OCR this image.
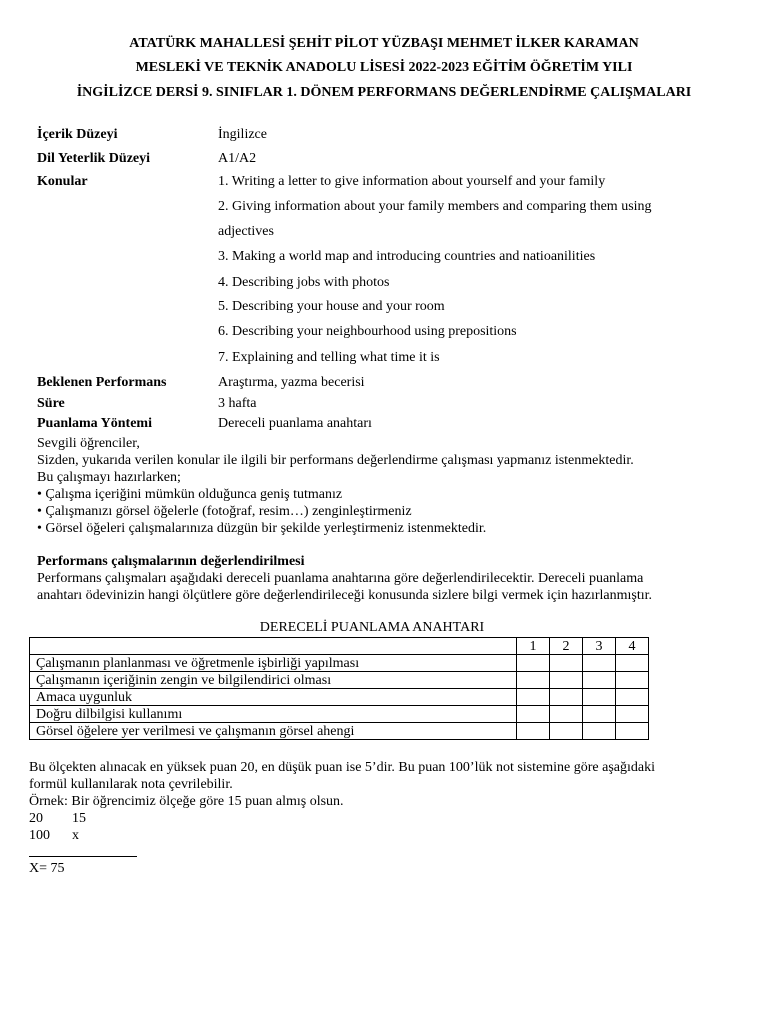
ATATÜRK MAHALLESİ ŞEHİT PİLOT YÜZBAŞI MEHMET İLKER KARAMAN
MESLEKİ VE TEKNİK ANADOLU LİSESİ 2022-2023 EĞİTİM ÖĞRETİM YILI
İNGİLİZCE DERSİ 9. SINIFLAR 1. DÖNEM PERFORMANS DEĞERLENDİRME ÇALIŞMALARI
İçerik Düzeyi	İngilizce
Dil Yeterlik Düzeyi	A1/A2
Konular	1. Writing a letter to give information about yourself and your family
2. Giving information about your family members and comparing them using
adjectives
3. Making a world map and introducing countries and natioanilities
4. Describing jobs with photos
5. Describing your house and your room
6. Describing your neighbourhood using prepositions
7. Explaining and telling what time it is
Beklenen Performans	Araştırma, yazma becerisi
Süre	3 hafta
Puanlama Yöntemi	Dereceli puanlama anahtarı
Sevgili öğrenciler,
Sizden, yukarıda verilen konular ile ilgili bir performans değerlendirme çalışması yapmanız istenmektedir.
Bu çalışmayı hazırlarken;
• Çalışma içeriğini mümkün olduğunca geniş tutmanız
• Çalışmanızı görsel öğelerle (fotoğraf, resim…) zenginleştirmeniz
• Görsel öğeleri çalışmalarınıza düzgün bir şekilde yerleştirmeniz istenmektedir.
Performans çalışmalarının değerlendirilmesi
Performans çalışmaları aşağıdaki dereceli puanlama anahtarına göre değerlendirilecektir. Dereceli puanlama
anahtarı ödevinizin hangi ölçütlere göre değerlendirileceği konusunda sizlere bilgi vermek için hazırlanmıştır.
DERECELİ PUANLAMA ANAHTARI
	1	2	3	4
Çalışmanın planlanması ve öğretmenle işbirliği yapılması				
Çalışmanın içeriğinin zengin ve bilgilendirici olması				
Amaca uygunluk				
Doğru dilbilgisi kullanımı				
Görsel öğelere yer verilmesi ve çalışmanın görsel ahengi				
Bu ölçekten alınacak en yüksek puan 20, en düşük puan ise 5’dir. Bu puan 100’lük not sistemine göre aşağıdaki
formül kullanılarak nota çevrilebilir.
Örnek: Bir öğrencimiz ölçeğe göre 15 puan almış olsun.
20 15
100 x
X= 75
